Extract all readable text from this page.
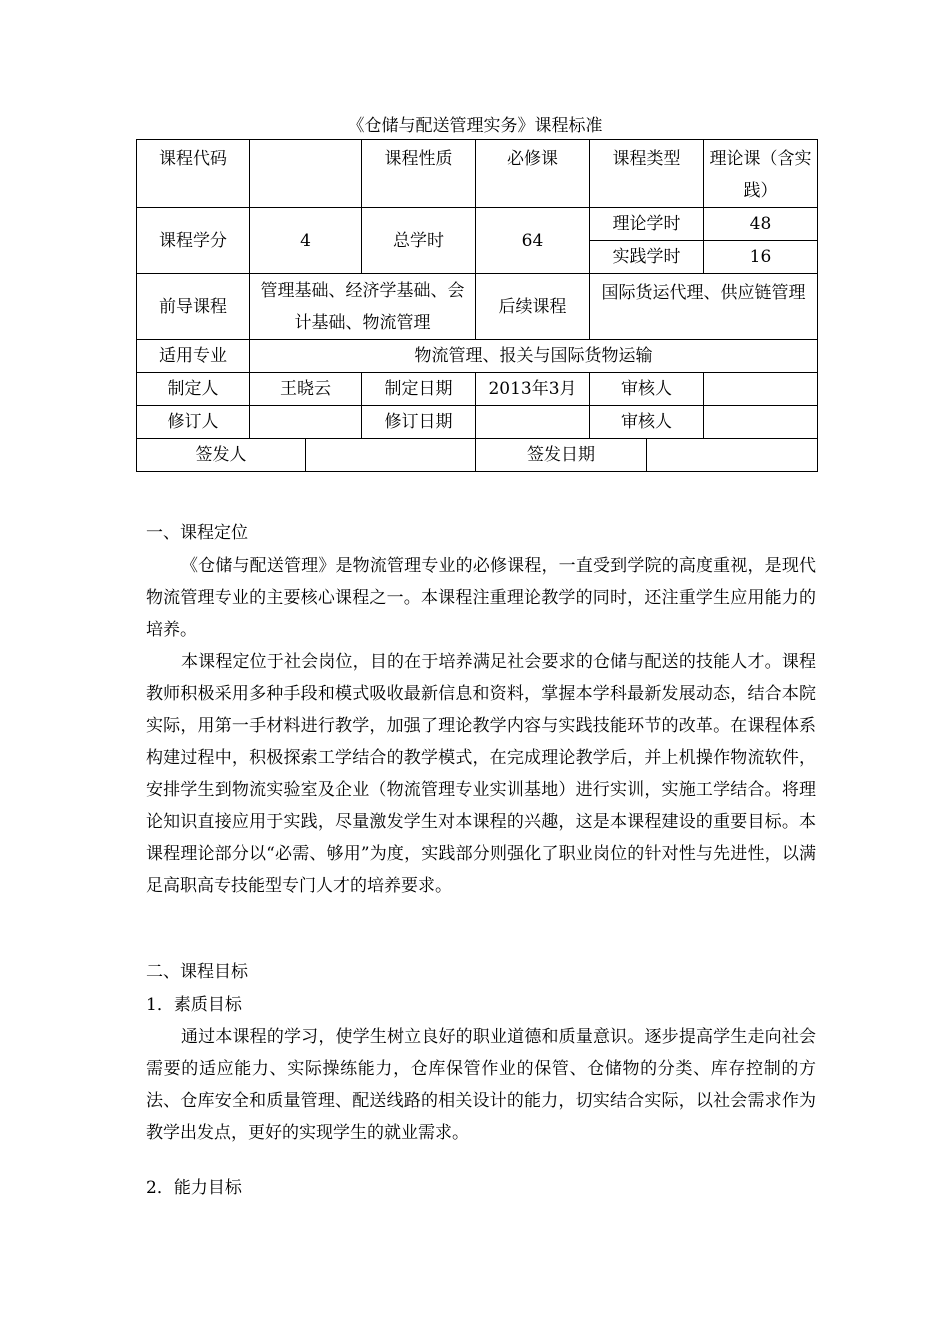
《仓储与配送管理实务》课程标准
课程代码			课程性质	必修课	课程类型		理论课（含实践）
课程学分	4		总学时	64	理论学时		48
					实践学时		16
前导课程	管理基础、经济学基础、会计基础、物流管理			后续课程	国际货运代理、供应链管理		
适用专业	物流管理、报关与国际货物运输						
制定人	王晓云		制定日期	2013年3月	审核人		
修订人			修订日期		审核人		
签发人				签发日期			
一、课程定位
《仓储与配送管理》是物流管理专业的必修课程，一直受到学院的高度重视，是现代物流管理专业的主要核心课程之一。本课程注重理论教学的同时，还注重学生应用能力的培养。
本课程定位于社会岗位，目的在于培养满足社会要求的仓储与配送的技能人才。课程教师积极采用多种手段和模式吸收最新信息和资料，掌握本学科最新发展动态，结合本院实际，用第一手材料进行教学，加强了理论教学内容与实践技能环节的改革。在课程体系构建过程中，积极探索工学结合的教学模式，在完成理论教学后，并上机操作物流软件，安排学生到物流实验室及企业（物流管理专业实训基地）进行实训，实施工学结合。将理论知识直接应用于实践，尽量激发学生对本课程的兴趣，这是本课程建设的重要目标。本课程理论部分以“必需、够用”为度，实践部分则强化了职业岗位的针对性与先进性，以满足高职高专技能型专门人才的培养要求。
二、课程目标
1．素质目标
通过本课程的学习，使学生树立良好的职业道德和质量意识。逐步提高学生走向社会需要的适应能力、实际操练能力，仓库保管作业的保管、仓储物的分类、库存控制的方法、仓库安全和质量管理、配送线路的相关设计的能力，切实结合实际，以社会需求作为教学出发点，更好的实现学生的就业需求。
2．能力目标
